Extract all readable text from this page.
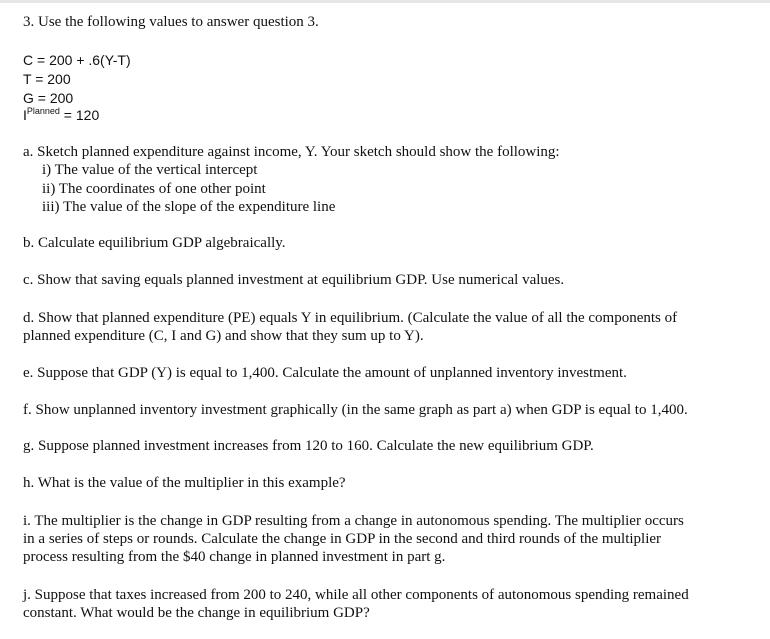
3. Use the following values to answer question 3.
C = 200 + .6(Y-T)
T = 200
G = 200
$I^{Planned} = 120$
a. Sketch planned expenditure against income, Y. Your sketch should show the following:
i) The value of the vertical intercept
ii) The coordinates of one other point
iii) The value of the slope of the expenditure line
b. Calculate equilibrium GDP algebraically.
c. Show that saving equals planned investment at equilibrium GDP. Use numerical values.
d. Show that planned expenditure (PE) equals Y in equilibrium. (Calculate the value of all the components of
planned expenditure (C, I and G) and show that they sum up to Y).
e. Suppose that GDP (Y) is equal to 1,400. Calculate the amount of unplanned inventory investment.
f. Show unplanned inventory investment graphically (in the same graph as part a) when GDP is equal to 1,400.
g. Suppose planned investment increases from 120 to 160. Calculate the new equilibrium GDP.
h. What is the value of the multiplier in this example?
i. The multiplier is the change in GDP resulting from a change in autonomous spending. The multiplier occurs
in a series of steps or rounds. Calculate the change in GDP in the second and third rounds of the multiplier
process resulting from the $40 change in planned investment in part g.
j. Suppose that taxes increased from 200 to 240, while all other components of autonomous spending remained
constant. What would be the change in equilibrium GDP?
